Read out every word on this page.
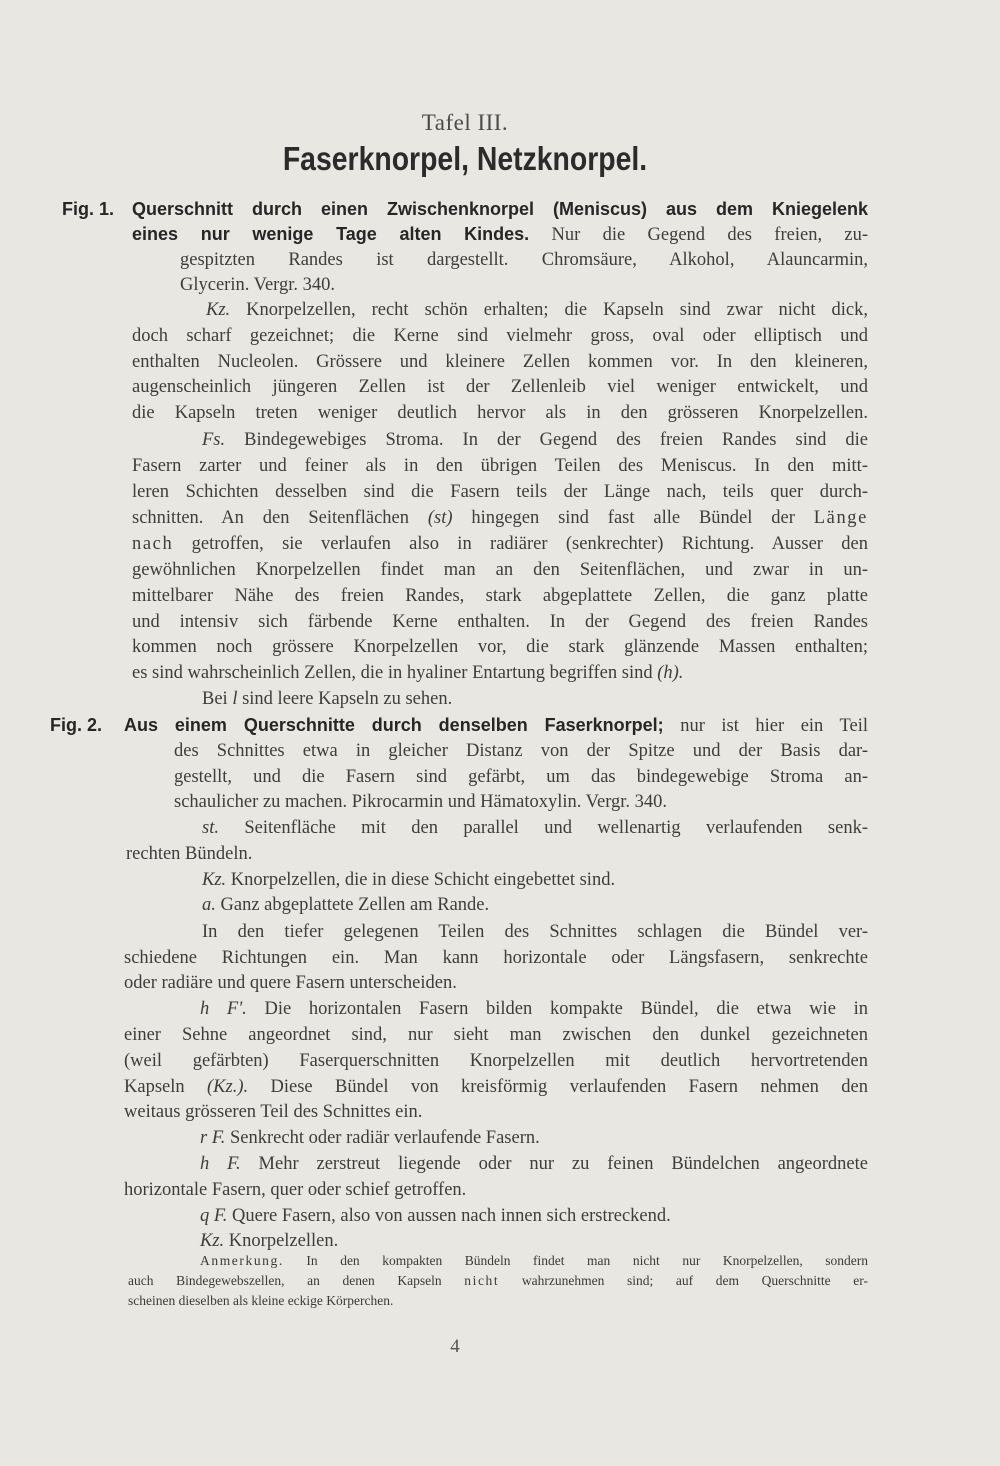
Tafel III.
Faserknorpel, Netzknorpel.
Fig. 1. Querschnitt durch einen Zwischenknorpel (Meniscus) aus dem Kniegelenk
eines nur wenige Tage alten Kindes. Nur die Gegend des freien, zu-
gespitzten Randes ist dargestellt. Chromsäure, Alkohol, Alauncarmin,
Glycerin. Vergr. 340.
Kz. Knorpelzellen, recht schön erhalten; die Kapseln sind zwar nicht dick,
doch scharf gezeichnet; die Kerne sind vielmehr gross, oval oder elliptisch und
enthalten Nucleolen. Grössere und kleinere Zellen kommen vor. In den kleineren,
augenscheinlich jüngeren Zellen ist der Zellenleib viel weniger entwickelt, und
die Kapseln treten weniger deutlich hervor als in den grösseren Knorpelzellen.
Fs. Bindegewebiges Stroma. In der Gegend des freien Randes sind die
Fasern zarter und feiner als in den übrigen Teilen des Meniscus. In den mitt-
leren Schichten desselben sind die Fasern teils der Länge nach, teils quer durch-
schnitten. An den Seitenflächen (st) hingegen sind fast alle Bündel der Länge
nach getroffen, sie verlaufen also in radiärer (senkrechter) Richtung. Ausser den
gewöhnlichen Knorpelzellen findet man an den Seitenflächen, und zwar in un-
mittelbarer Nähe des freien Randes, stark abgeplattete Zellen, die ganz platte
und intensiv sich färbende Kerne enthalten. In der Gegend des freien Randes
kommen noch grössere Knorpelzellen vor, die stark glänzende Massen enthalten;
es sind wahrscheinlich Zellen, die in hyaliner Entartung begriffen sind (h).
Bei l sind leere Kapseln zu sehen.
Fig. 2. Aus einem Querschnitte durch denselben Faserknorpel; nur ist hier ein Teil
des Schnittes etwa in gleicher Distanz von der Spitze und der Basis dar-
gestellt, und die Fasern sind gefärbt, um das bindegewebige Stroma an-
schaulicher zu machen. Pikrocarmin und Hämatoxylin. Vergr. 340.
st. Seitenfläche mit den parallel und wellenartig verlaufenden senk-
rechten Bündeln.
Kz. Knorpelzellen, die in diese Schicht eingebettet sind.
a. Ganz abgeplattete Zellen am Rande.
In den tiefer gelegenen Teilen des Schnittes schlagen die Bündel ver-
schiedene Richtungen ein. Man kann horizontale oder Längsfasern, senkrechte
oder radiäre und quere Fasern unterscheiden.
h F'. Die horizontalen Fasern bilden kompakte Bündel, die etwa wie in
einer Sehne angeordnet sind, nur sieht man zwischen den dunkel gezeichneten
(weil gefärbten) Faserquerschnitten Knorpelzellen mit deutlich hervortretenden
Kapseln (Kz.). Diese Bündel von kreisförmig verlaufenden Fasern nehmen den
weitaus grösseren Teil des Schnittes ein.
r F. Senkrecht oder radiär verlaufende Fasern.
h F. Mehr zerstreut liegende oder nur zu feinen Bündelchen angeordnete
horizontale Fasern, quer oder schief getroffen.
q F. Quere Fasern, also von aussen nach innen sich erstreckend.
Kz. Knorpelzellen.
Anmerkung. In den kompakten Bündeln findet man nicht nur Knorpelzellen, sondern
auch Bindegewebszellen, an denen Kapseln nicht wahrzunehmen sind; auf dem Querschnitte er-
scheinen dieselben als kleine eckige Körperchen.
4
